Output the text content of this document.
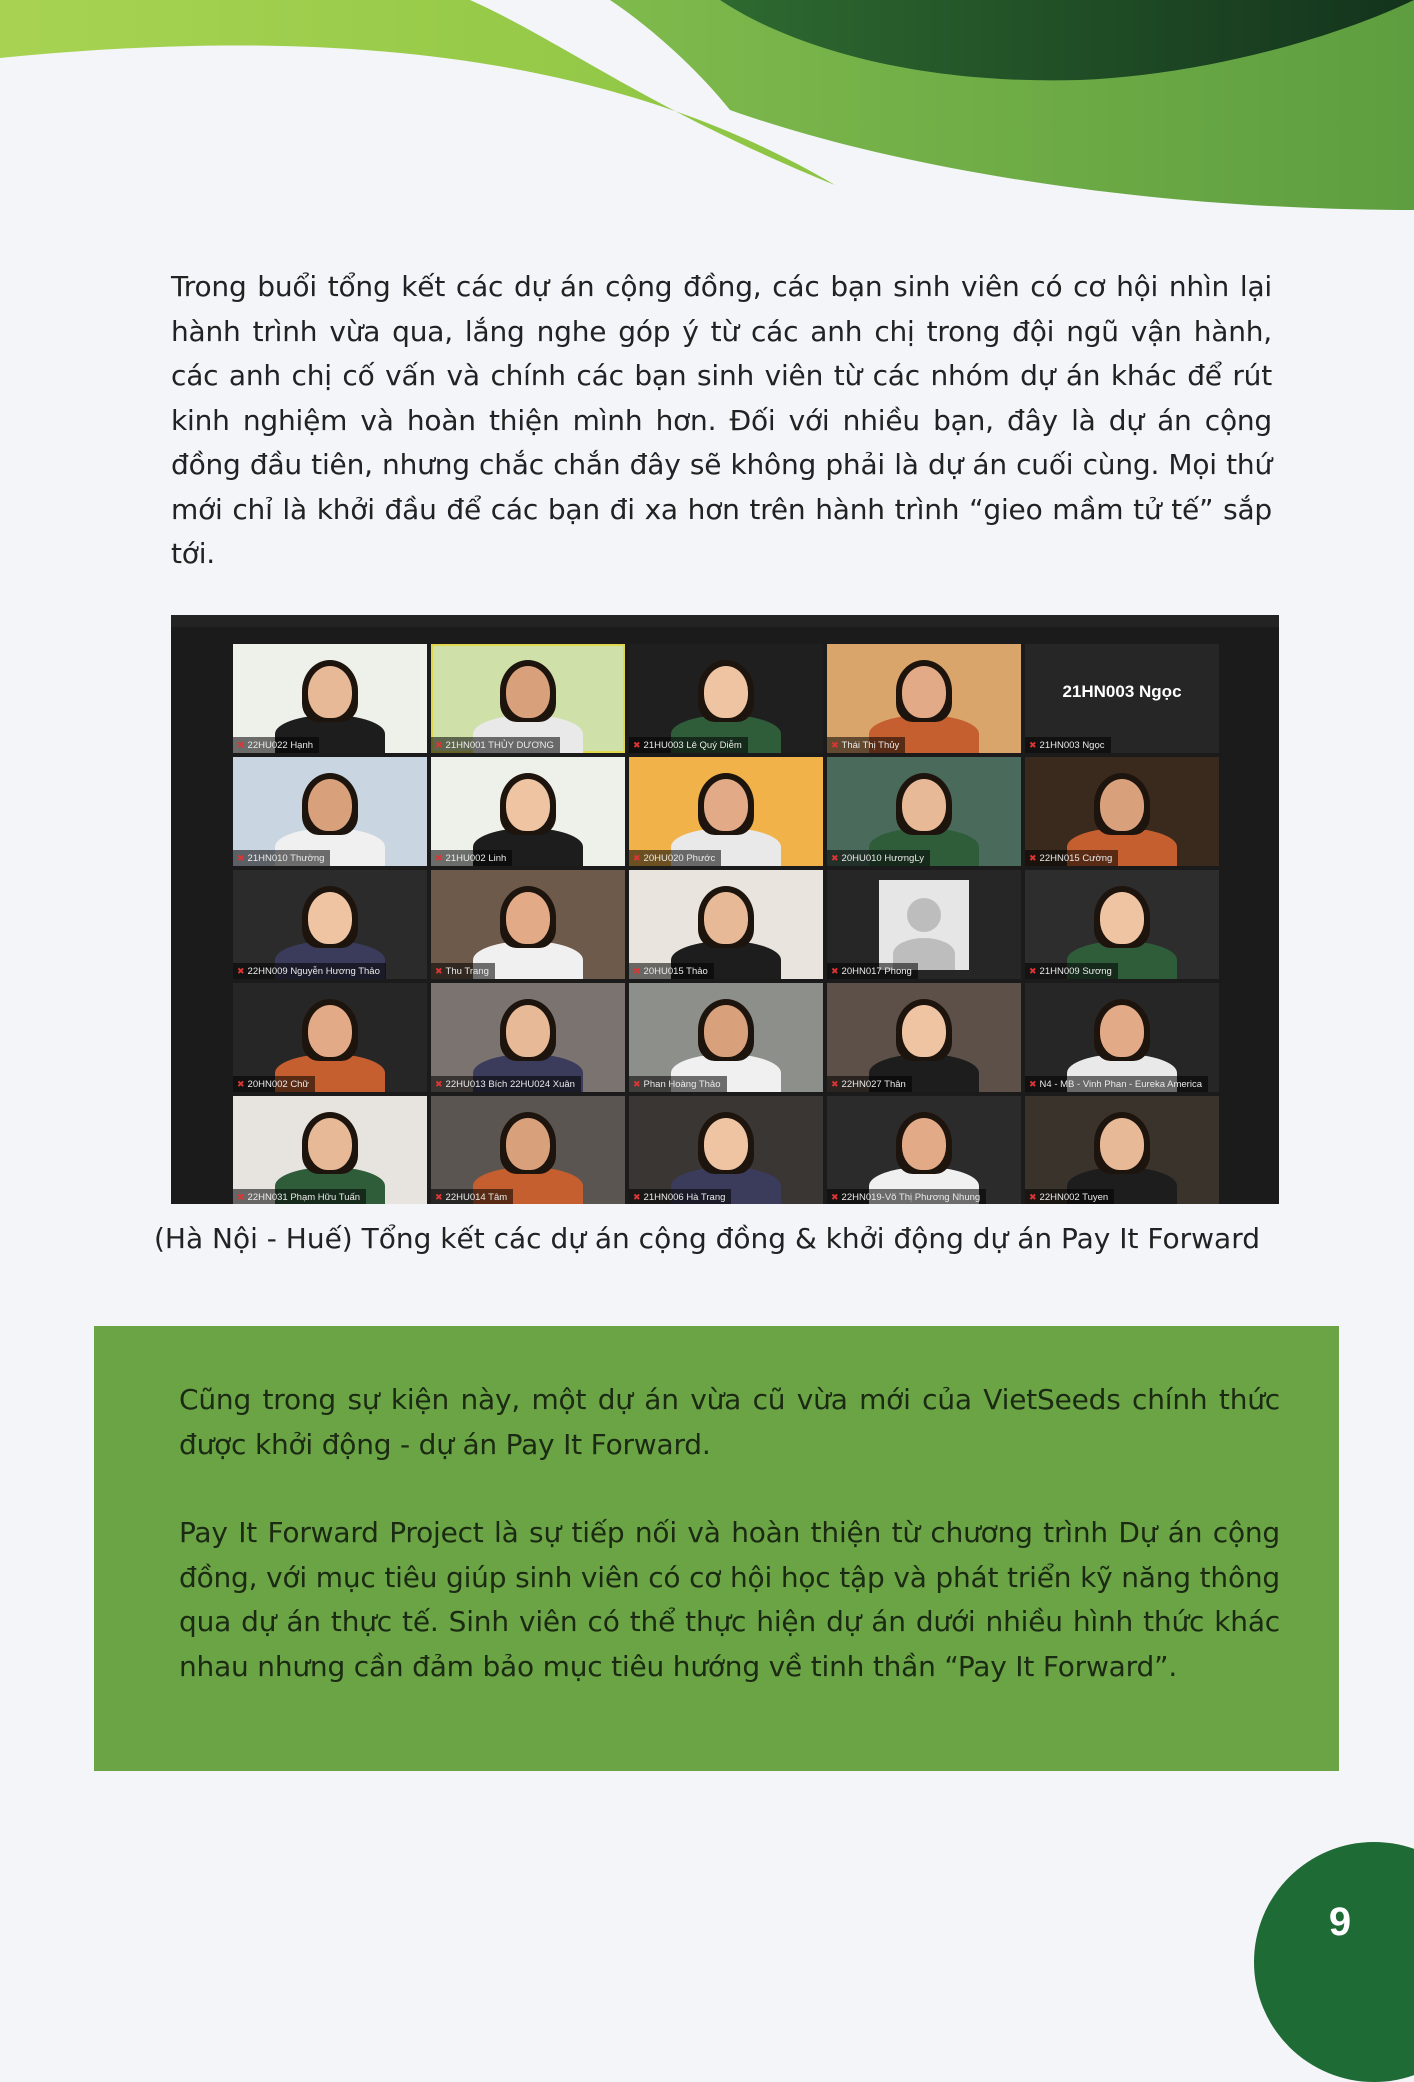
Trong buổi tổng kết các dự án cộng đồng, các bạn sinh viên có cơ hội nhìn lại hành trình vừa qua, lắng nghe góp ý từ các anh chị trong đội ngũ vận hành, các anh chị cố vấn và chính các bạn sinh viên từ các nhóm dự án khác để rút kinh nghiệm và hoàn thiện mình hơn. Đối với nhiều bạn, đây là dự án cộng đồng đầu tiên, nhưng chắc chắn đây sẽ không phải là dự án cuối cùng. Mọi thứ mới chỉ là khởi đầu để các bạn đi xa hơn trên hành trình “gieo mầm tử tế” sắp tới.

✖ 22HU022 Hạnh	✖ 21HN001 THỦY DƯƠNG	✖ 21HU003 Lê Quý Diễm	✖ Thái Thị Thủy
21HN003 Ngọc
✖ 21HN003 Ngọc
✖ 21HN010 Thường	✖ 21HU002 Linh	✖ 20HU020 Phước	✖ 20HU010 HươngLy	✖ 22HN015 Cường
✖ 22HN009 Nguyễn Hương Thảo	✖ Thu Trang	✖ 20HU015 Thảo	✖ 20HN017 Phong	✖ 21HN009 Sương
✖ 20HN002 Chữ	✖ 22HU013 Bích 22HU024 Xuân	✖ Phan Hoàng Thảo	✖ 22HN027 Thân	✖ N4 - MB - Vinh Phan - Eureka America
✖ 22HN031 Phạm Hữu Tuấn	✖ 22HU014 Tâm	✖ 21HN006 Hà Trang	✖ 22HN019-Võ Thị Phương Nhung	✖ 22HN002 Tuyen

(Hà Nội - Huế) Tổng kết các dự án cộng đồng & khởi động dự án Pay It Forward

Cũng trong sự kiện này, một dự án vừa cũ vừa mới của VietSeeds chính thức được khởi động - dự án Pay It Forward.

Pay It Forward Project là sự tiếp nối và hoàn thiện từ chương trình Dự án cộng đồng, với mục tiêu giúp sinh viên có cơ hội học tập và phát triển kỹ năng thông qua dự án thực tế. Sinh viên có thể thực hiện dự án dưới nhiều hình thức khác nhau nhưng cần đảm bảo mục tiêu hướng về tinh thần “Pay It Forward”.

9
